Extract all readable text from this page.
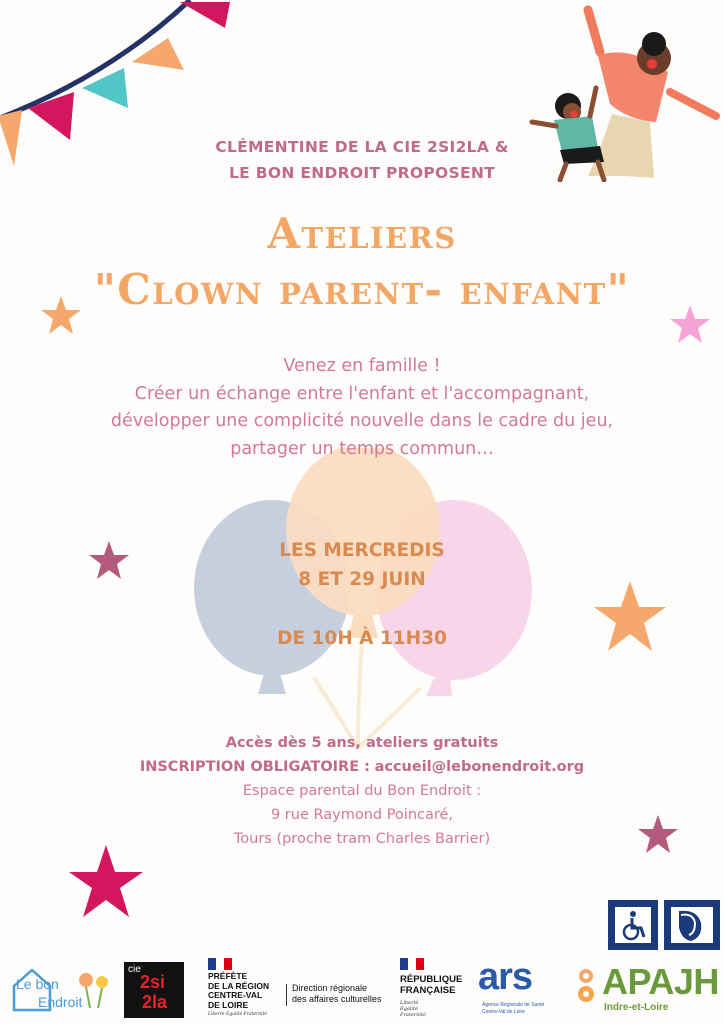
CLÉMENTINE DE LA CIE 2SI2LA &
LE BON ENDROIT PROPOSENT
Ateliers
"Clown parent- enfant"
Venez en famille !
Créer un échange entre l'enfant et l'accompagnant,
développer une complicité nouvelle dans le cadre du jeu,
partager un temps commun…
LES MERCREDIS
8 ET 29 JUIN
DE 10H À 11H30
Accès dès 5 ans, ateliers gratuits
INSCRIPTION OBLIGATOIRE : accueil@lebonendroit.org
Espace parental du Bon Endroit :
9 rue Raymond Poincaré,
Tours (proche tram Charles Barrier)
Le bon
Endroit
cie
2si
2la
PRÉFÈTE
DE LA RÉGION
CENTRE-VAL
DE LOIRE
Liberté Égalité Fraternité
Direction régionale
des affaires culturelles
RÉPUBLIQUE
FRANÇAISE
Liberté
Égalité
Fraternité
ars
Agence Régionale de Santé
Centre-Val de Loire
APAJH
Indre-et-Loire
